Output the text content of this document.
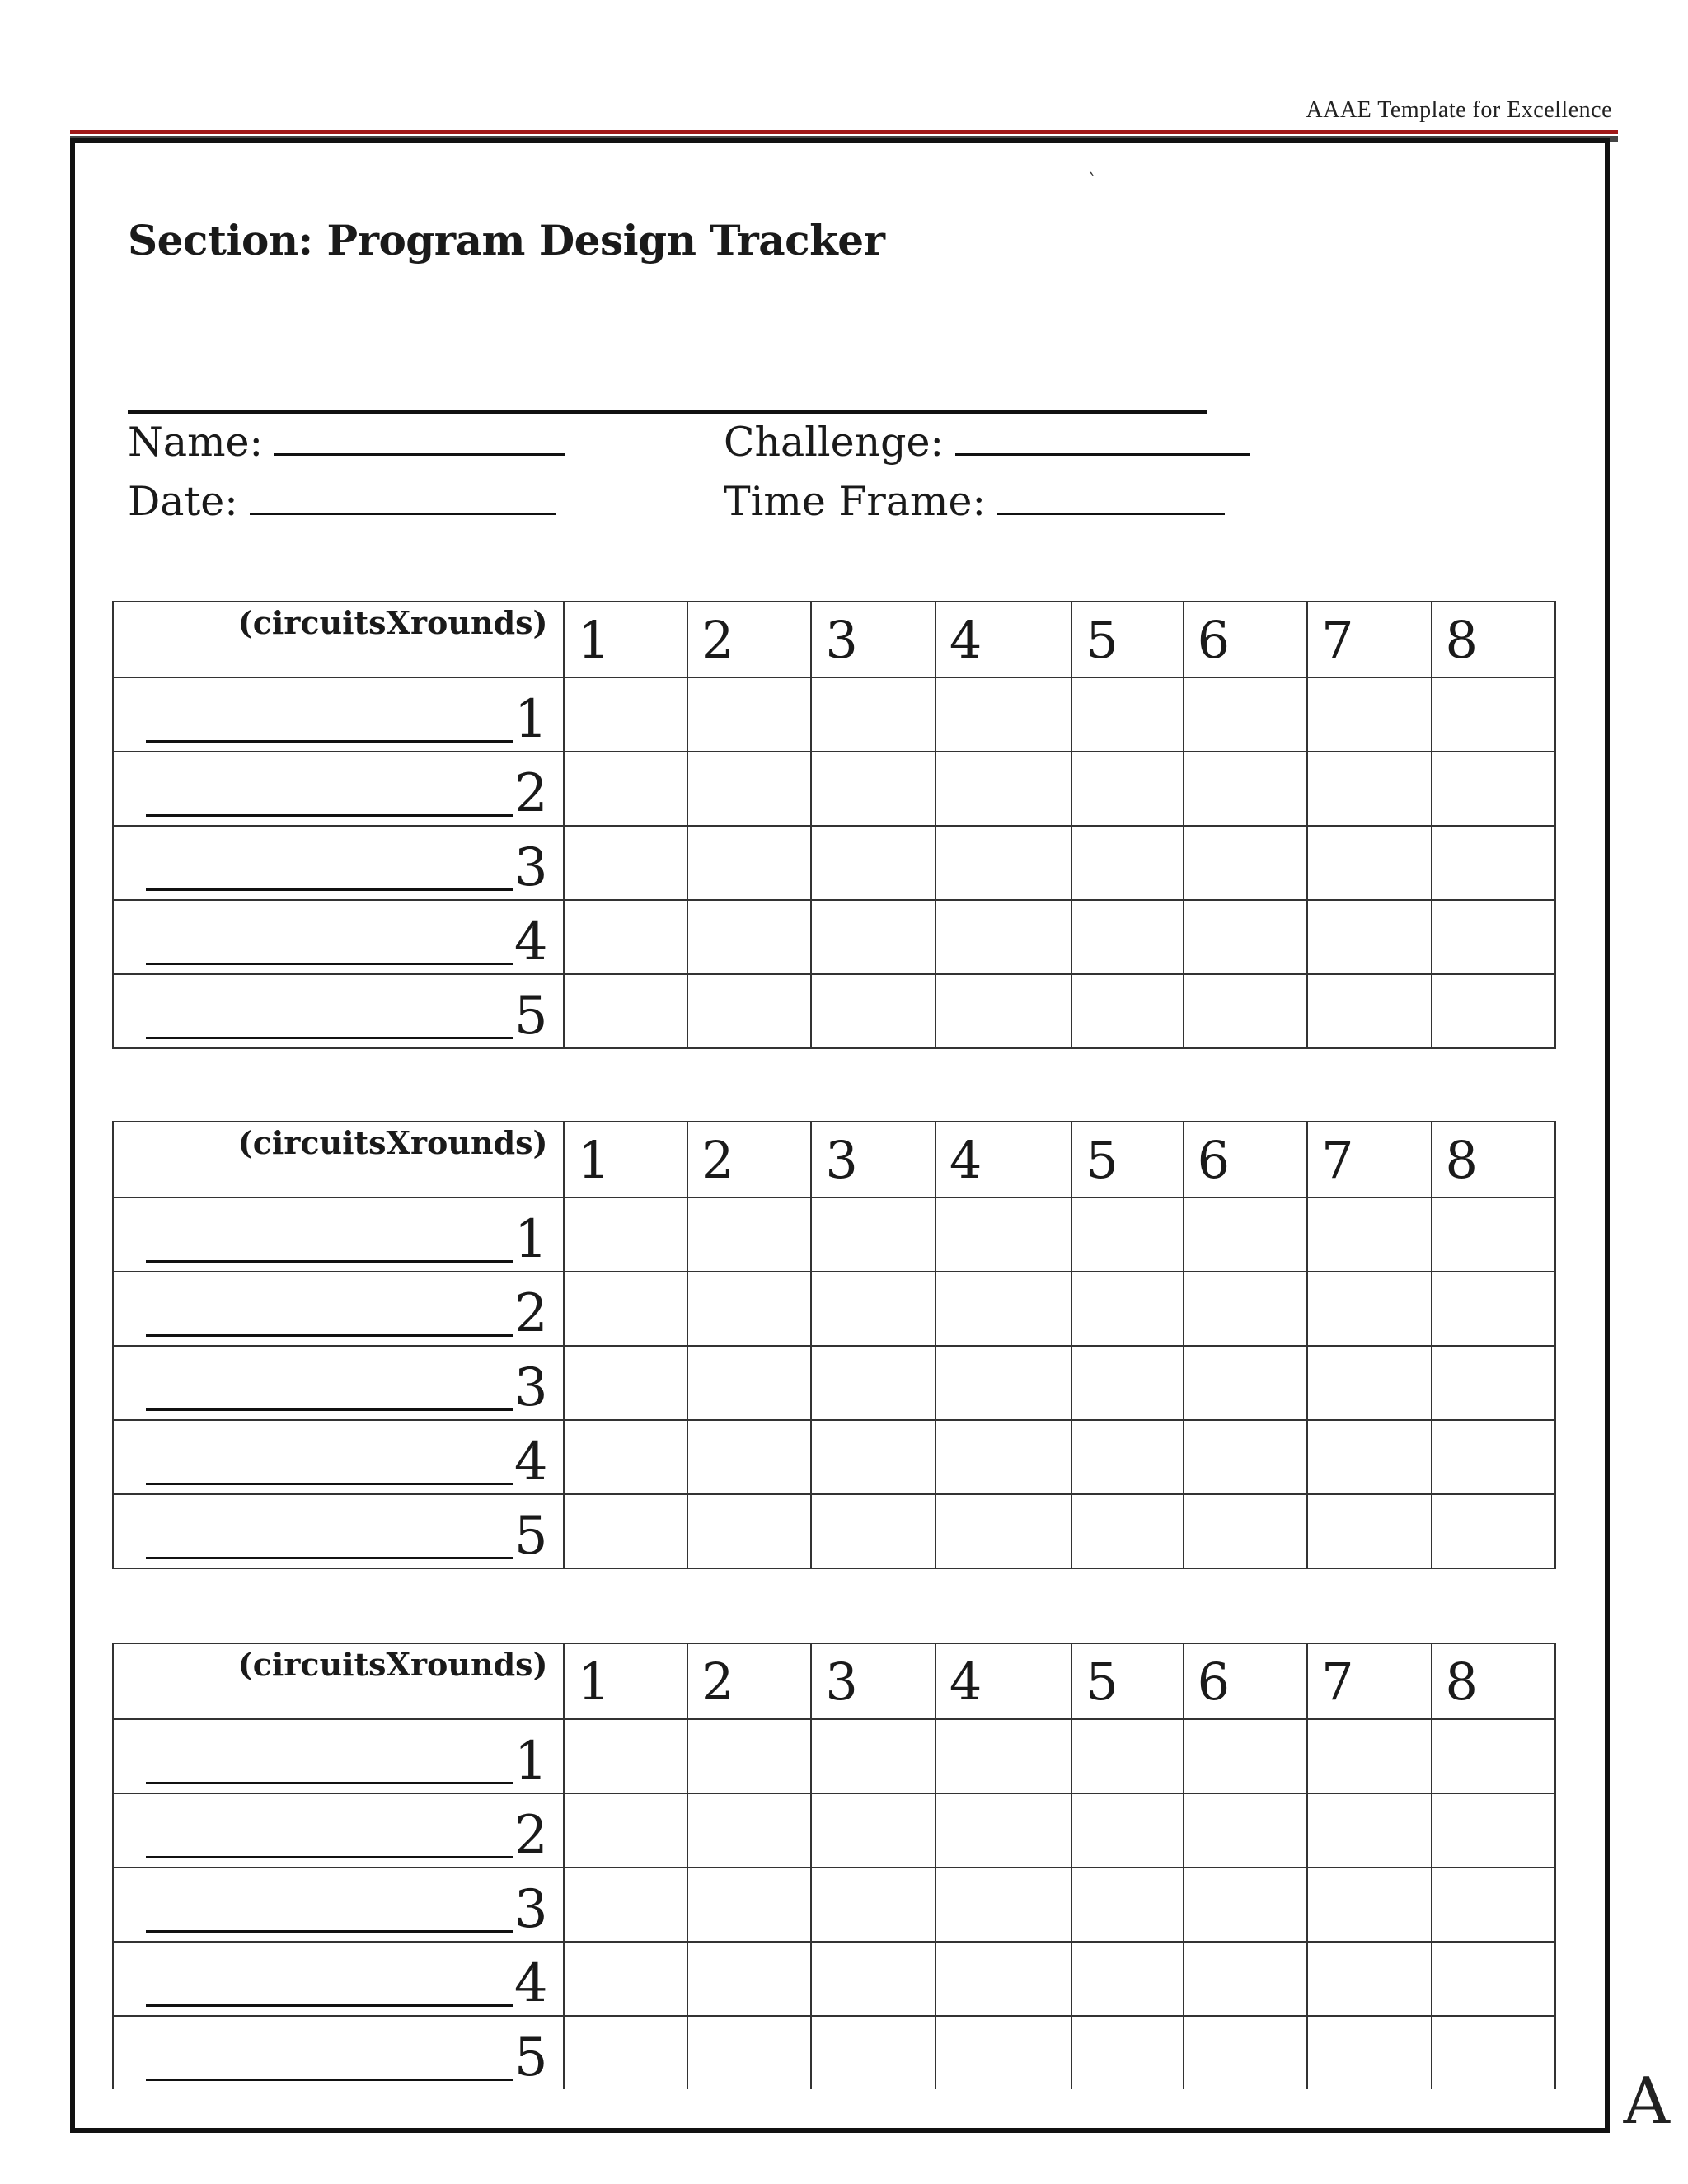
AAAE Template for Excellence
`
Section: Program Design Tracker
Name:
Date:
Challenge:
Time Frame:
(circuitsXrounds)	1	2	3	4	5	6	7	8
1								
2								
3								
4								
5								
(circuitsXrounds)	1	2	3	4	5	6	7	8
1								
2								
3								
4								
5								
(circuitsXrounds)	1	2	3	4	5	6	7	8
1								
2								
3								
4								
5								
A
